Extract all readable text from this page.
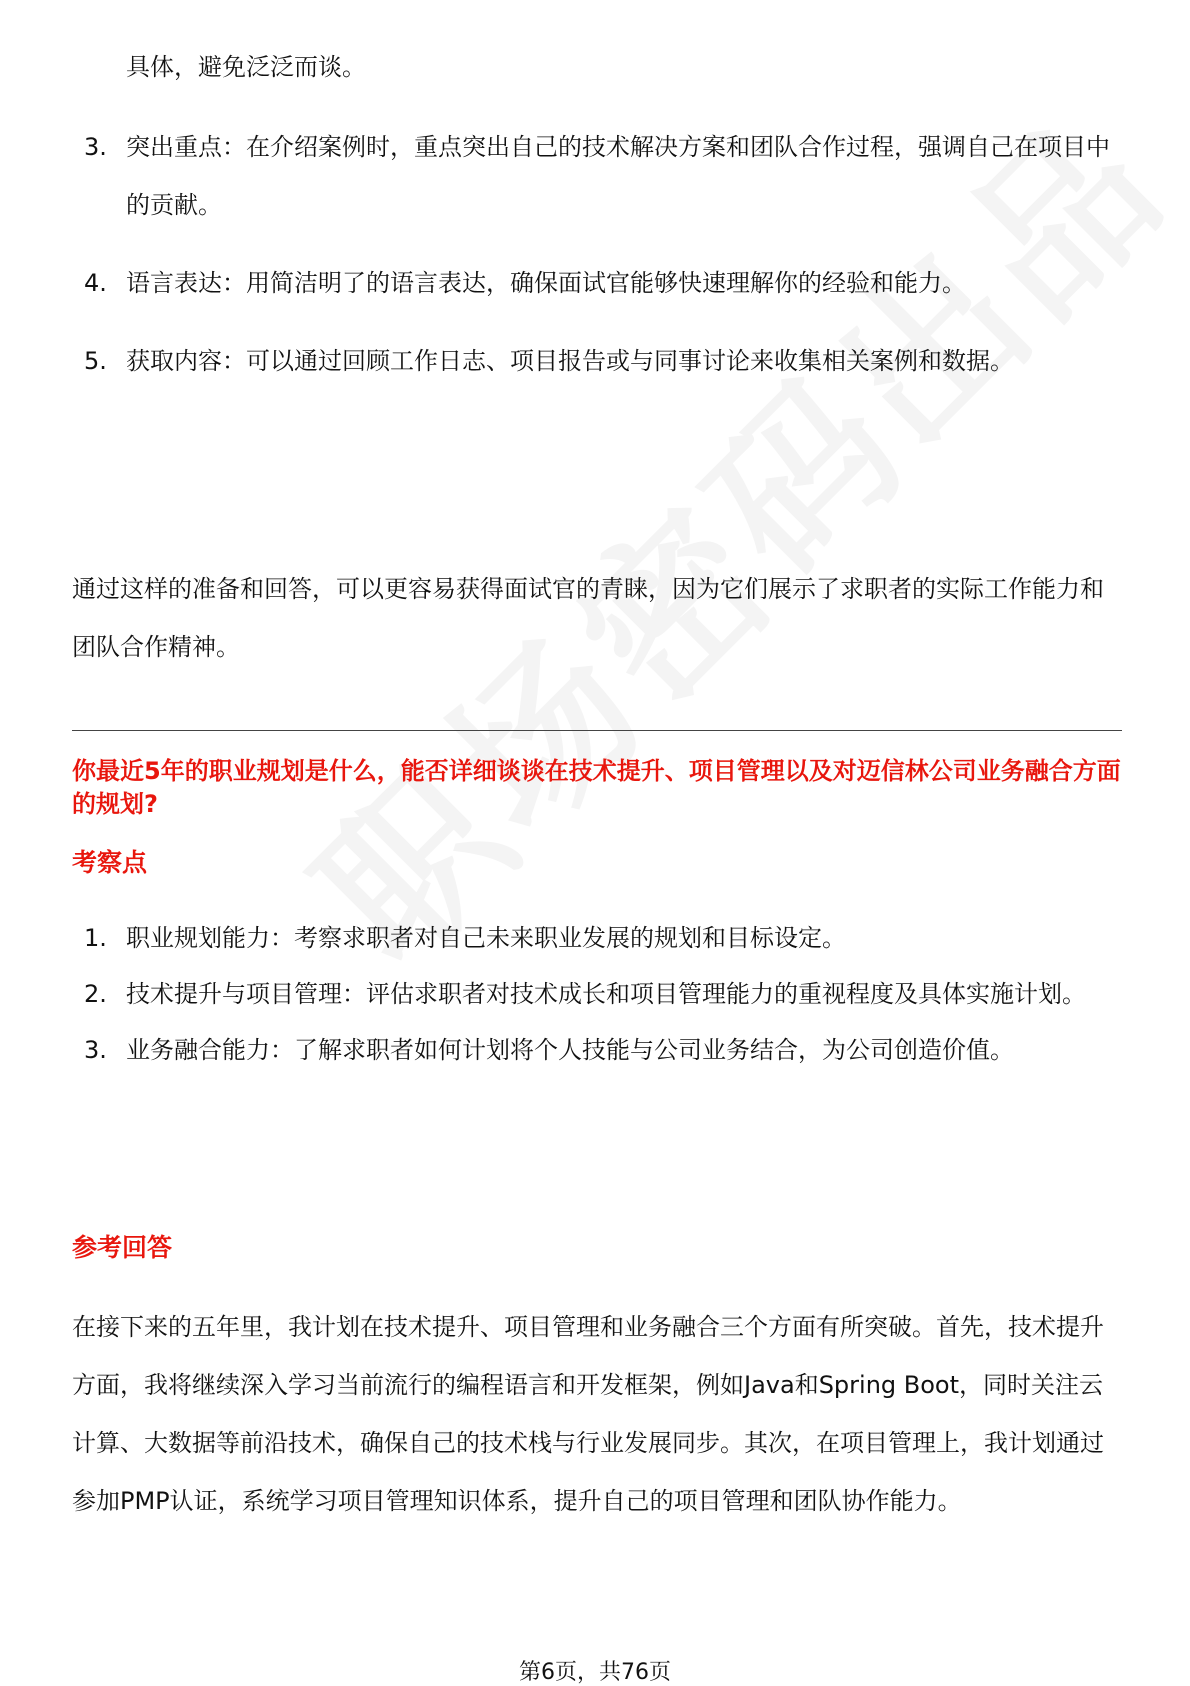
具体，避免泛泛而谈。
3. 突出重点：在介绍案例时，重点突出自己的技术解决方案和团队合作过程，强调自己在项目中的贡献。
4. 语言表达：用简洁明了的语言表达，确保面试官能够快速理解你的经验和能力。
5. 获取内容：可以通过回顾工作日志、项目报告或与同事讨论来收集相关案例和数据。

通过这样的准备和回答，可以更容易获得面试官的青睐，因为它们展示了求职者的实际工作能力和团队合作精神。

你最近5年的职业规划是什么，能否详细谈谈在技术提升、项目管理以及对迈信林公司业务融合方面的规划?

考察点

1. 职业规划能力：考察求职者对自己未来职业发展的规划和目标设定。
2. 技术提升与项目管理：评估求职者对技术成长和项目管理能力的重视程度及具体实施计划。
3. 业务融合能力：了解求职者如何计划将个人技能与公司业务结合，为公司创造价值。

参考回答

在接下来的五年里，我计划在技术提升、项目管理和业务融合三个方面有所突破。首先，技术提升方面，我将继续深入学习当前流行的编程语言和开发框架，例如Java和Spring Boot，同时关注云计算、大数据等前沿技术，确保自己的技术栈与行业发展同步。其次，在项目管理上，我计划通过参加PMP认证，系统学习项目管理知识体系，提升自己的项目管理和团队协作能力。

第6页，共76页
